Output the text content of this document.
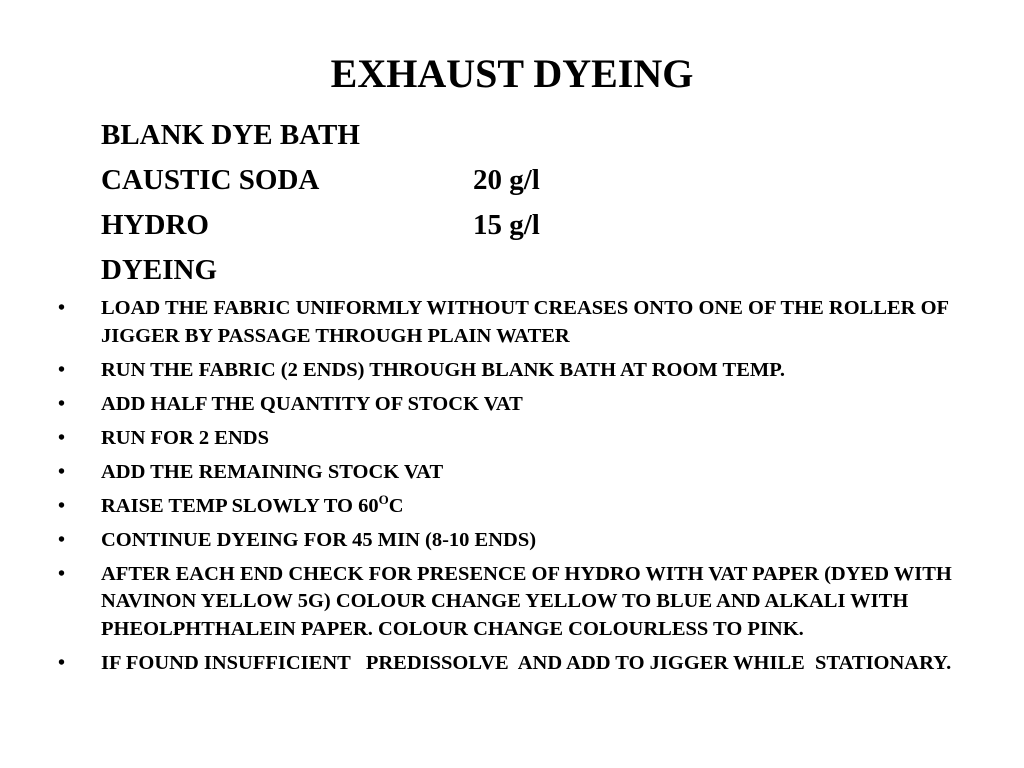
EXHAUST DYEING
BLANK DYE BATH
CAUSTIC SODA	20 g/l
HYDRO	15 g/l
DYEING
•	LOAD THE FABRIC UNIFORMLY WITHOUT CREASES ONTO ONE OF THE ROLLER OF JIGGER BY PASSAGE THROUGH PLAIN WATER
•	RUN THE FABRIC (2 ENDS) THROUGH BLANK BATH AT ROOM TEMP.
•	ADD HALF THE QUANTITY OF STOCK VAT
•	RUN FOR 2 ENDS
•	ADD THE REMAINING STOCK VAT
•	RAISE TEMP SLOWLY TO $60^OC$
•	CONTINUE DYEING FOR 45 MIN (8-10 ENDS)
•	AFTER EACH END CHECK FOR PRESENCE OF HYDRO WITH VAT PAPER (DYED WITH NAVINON YELLOW 5G) COLOUR CHANGE YELLOW TO BLUE AND ALKALI WITH PHEOLPHTHALEIN PAPER. COLOUR CHANGE COLOURLESS TO PINK.
•	IF FOUND INSUFFICIENT   PREDISSOLVE  AND ADD TO JIGGER WHILE  STATIONARY.
